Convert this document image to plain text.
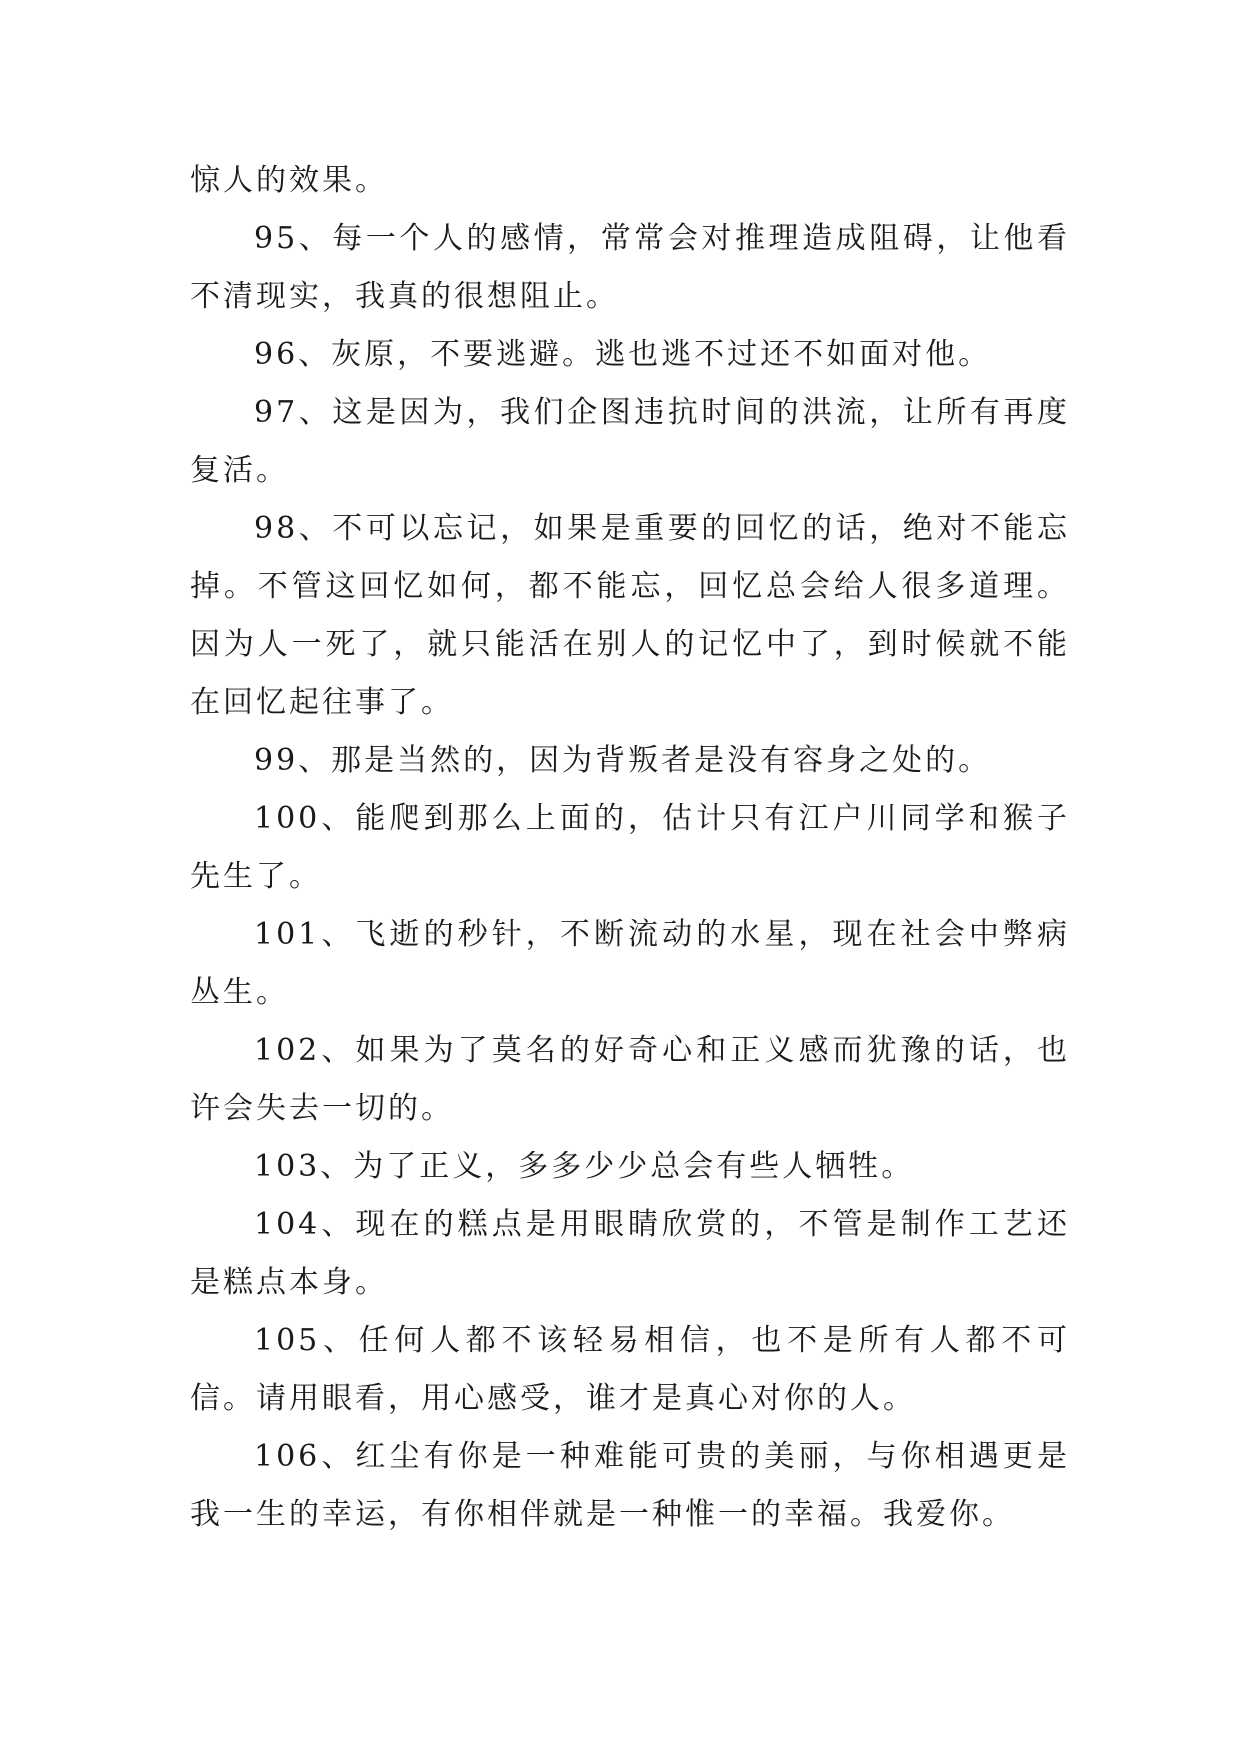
惊人的效果。

95、每一个人的感情，常常会对推理造成阻碍，让他看不清现实，我真的很想阻止。

96、灰原，不要逃避。逃也逃不过还不如面对他。

97、这是因为，我们企图违抗时间的洪流，让所有再度复活。

98、不可以忘记，如果是重要的回忆的话，绝对不能忘掉。不管这回忆如何，都不能忘，回忆总会给人很多道理。因为人一死了，就只能活在别人的记忆中了，到时候就不能在回忆起往事了。

99、那是当然的，因为背叛者是没有容身之处的。

100、能爬到那么上面的，估计只有江户川同学和猴子先生了。

101、飞逝的秒针，不断流动的水星，现在社会中弊病丛生。

102、如果为了莫名的好奇心和正义感而犹豫的话，也许会失去一切的。

103、为了正义，多多少少总会有些人牺牲。

104、现在的糕点是用眼睛欣赏的，不管是制作工艺还是糕点本身。

105、任何人都不该轻易相信，也不是所有人都不可信。请用眼看，用心感受，谁才是真心对你的人。

106、红尘有你是一种难能可贵的美丽，与你相遇更是我一生的幸运，有你相伴就是一种惟一的幸福。我爱你。
